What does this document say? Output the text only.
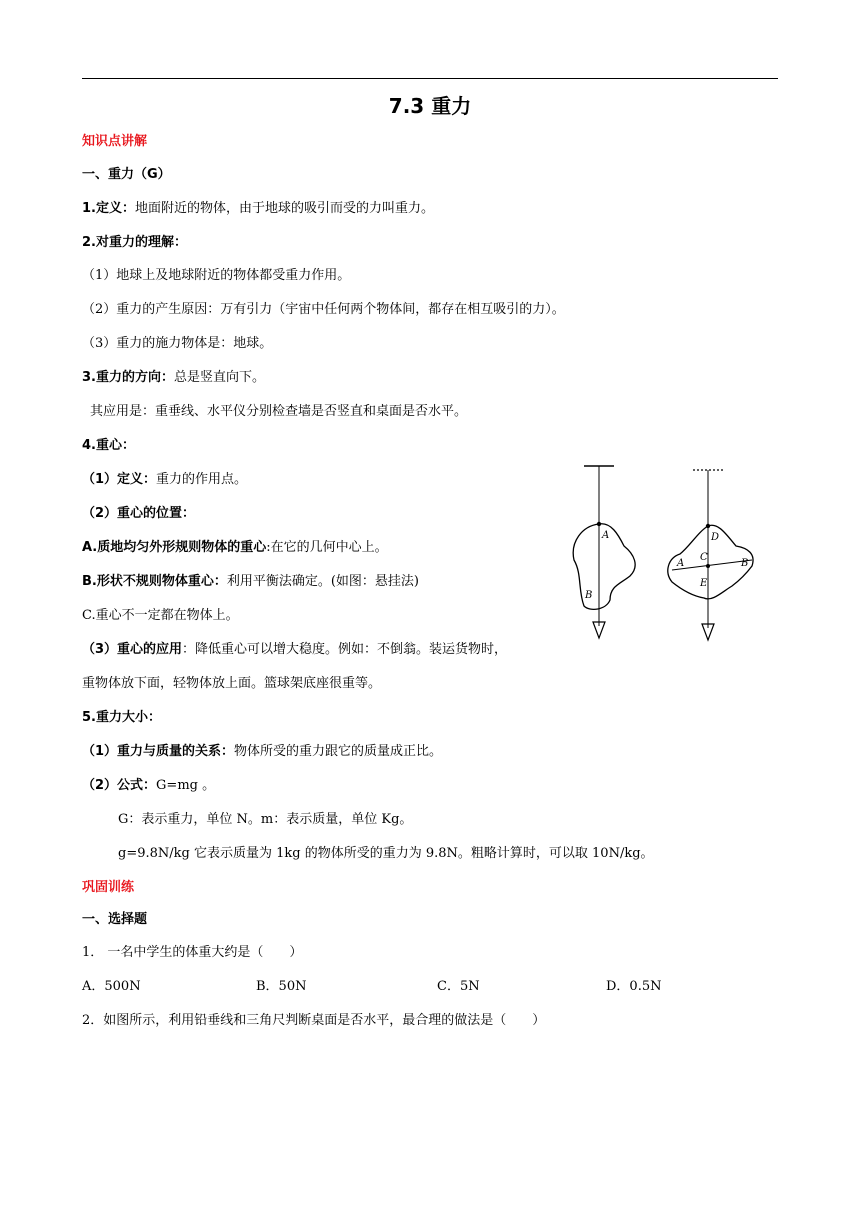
7.3 重力
知识点讲解
一、重力（G）
1.定义：地面附近的物体，由于地球的吸引而受的力叫重力。
2.对重力的理解：
（1）地球上及地球附近的物体都受重力作用。
（2）重力的产生原因：万有引力（宇宙中任何两个物体间，都存在相互吸引的力）。
（3）重力的施力物体是：地球。
3.重力的方向：总是竖直向下。
其应用是：重垂线、水平仪分别检查墙是否竖直和桌面是否水平。
4.重心：
（1）定义：重力的作用点。
（2）重心的位置：
A.质地均匀外形规则物体的重心:在它的几何中心上。
B.形状不规则物体重心：利用平衡法确定。(如图：悬挂法)
C.重心不一定都在物体上。
（3）重心的应用：降低重心可以增大稳度。例如：不倒翁。装运货物时，
重物体放下面，轻物体放上面。篮球架底座很重等。
5.重力大小：
（1）重力与质量的关系：物体所受的重力跟它的质量成正比。
（2）公式：G=mg 。
G：表示重力，单位 N。m：表示质量，单位 Kg。
g=9.8N/kg 它表示质量为 1kg 的物体所受的重力为 9.8N。粗略计算时，可以取 10N/kg。
A
B
D
A
C
B
E
巩固训练
一、选择题
1． 一名中学生的体重大约是（　　）
A．500N	B．50N	C．5N	D．0.5N
2．如图所示，利用铅垂线和三角尺判断桌面是否水平，最合理的做法是（　　）
